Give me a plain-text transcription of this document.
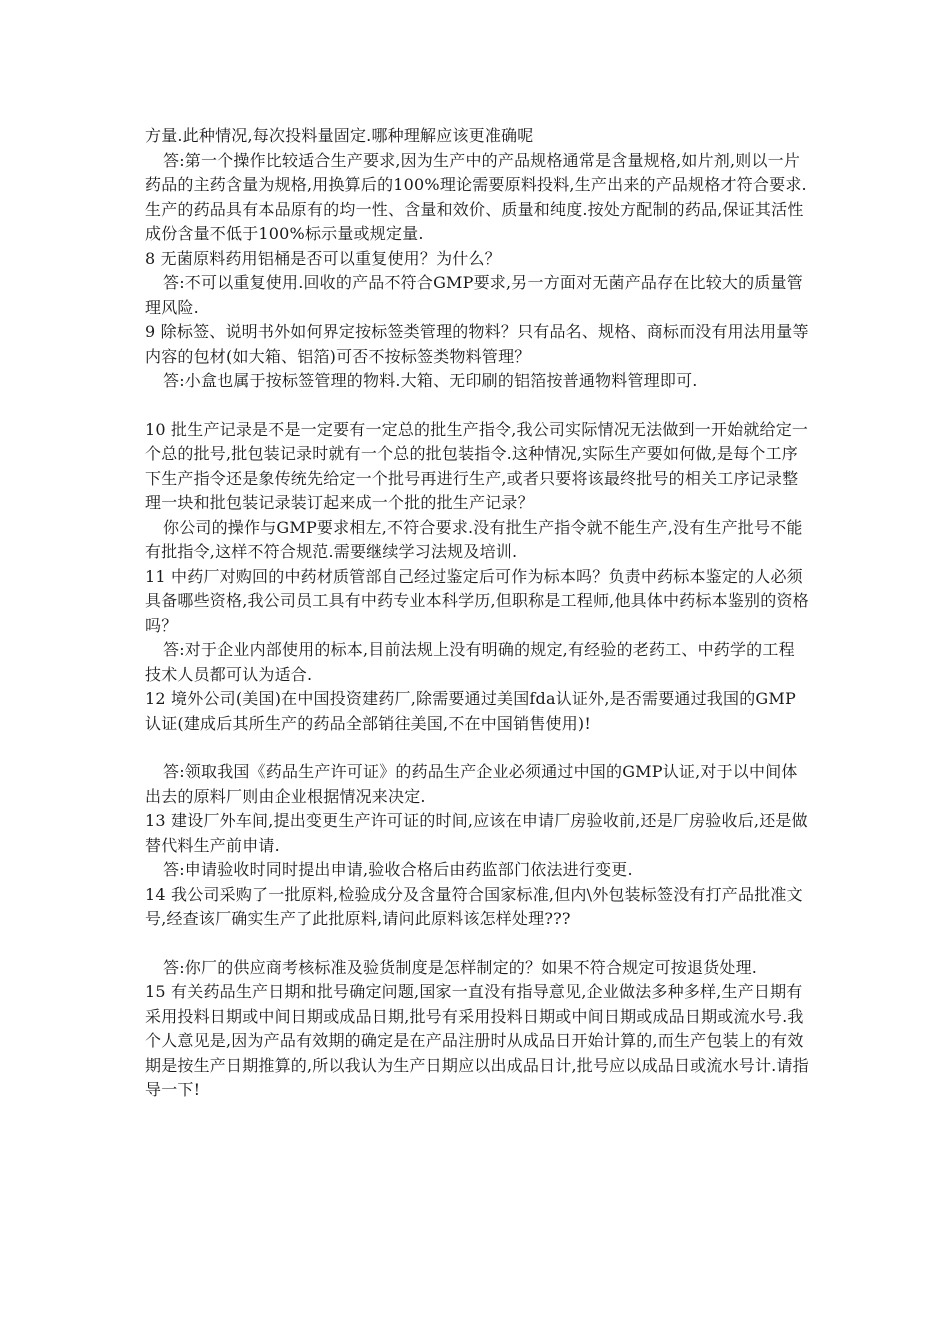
方量.此种情况,每次投料量固定.哪种理解应该更准确呢

答:第一个操作比较适合生产要求,因为生产中的产品规格通常是含量规格,如片剂,则以一片药品的主药含量为规格,用换算后的100%理论需要原料投料,生产出来的产品规格才符合要求.生产的药品具有本品原有的均一性、含量和效价、质量和纯度.按处方配制的药品,保证其活性成份含量不低于100%标示量或规定量.

8 无菌原料药用铝桶是否可以重复使用？为什么？

答:不可以重复使用.回收的产品不符合GMP要求,另一方面对无菌产品存在比较大的质量管理风险.

9 除标签、说明书外如何界定按标签类管理的物料？只有品名、规格、商标而没有用法用量等内容的包材(如大箱、铝箔)可否不按标签类物料管理？

答:小盒也属于按标签管理的物料.大箱、无印刷的铝箔按普通物料管理即可.

10 批生产记录是不是一定要有一定总的批生产指令,我公司实际情况无法做到一开始就给定一个总的批号,批包装记录时就有一个总的批包装指令.这种情况,实际生产要如何做,是每个工序下生产指令还是象传统先给定一个批号再进行生产,或者只要将该最终批号的相关工序记录整理一块和批包装记录装订起来成一个批的批生产记录？

你公司的操作与GMP要求相左,不符合要求.没有批生产指令就不能生产,没有生产批号不能有批指令,这样不符合规范.需要继续学习法规及培训.

11 中药厂对购回的中药材质管部自己经过鉴定后可作为标本吗？负责中药标本鉴定的人必须具备哪些资格,我公司员工具有中药专业本科学历,但职称是工程师,他具体中药标本鉴别的资格吗？

答:对于企业内部使用的标本,目前法规上没有明确的规定,有经验的老药工、中药学的工程技术人员都可认为适合.

12 境外公司(美国)在中国投资建药厂,除需要通过美国fda认证外,是否需要通过我国的GMP认证(建成后其所生产的药品全部销往美国,不在中国销售使用)!

答:领取我国《药品生产许可证》的药品生产企业必须通过中国的GMP认证,对于以中间体出去的原料厂则由企业根据情况来决定.

13 建设厂外车间,提出变更生产许可证的时间,应该在申请厂房验收前,还是厂房验收后,还是做替代料生产前申请.

答:申请验收时同时提出申请,验收合格后由药监部门依法进行变更.

14 我公司采购了一批原料,检验成分及含量符合国家标准,但内\外包装标签没有打产品批准文号,经查该厂确实生产了此批原料,请问此原料该怎样处理???

答:你厂的供应商考核标准及验货制度是怎样制定的？如果不符合规定可按退货处理.

15 有关药品生产日期和批号确定问题,国家一直没有指导意见,企业做法多种多样,生产日期有采用投料日期或中间日期或成品日期,批号有采用投料日期或中间日期或成品日期或流水号.我个人意见是,因为产品有效期的确定是在产品注册时从成品日开始计算的,而生产包装上的有效期是按生产日期推算的,所以我认为生产日期应以出成品日计,批号应以成品日或流水号计.请指导一下!
